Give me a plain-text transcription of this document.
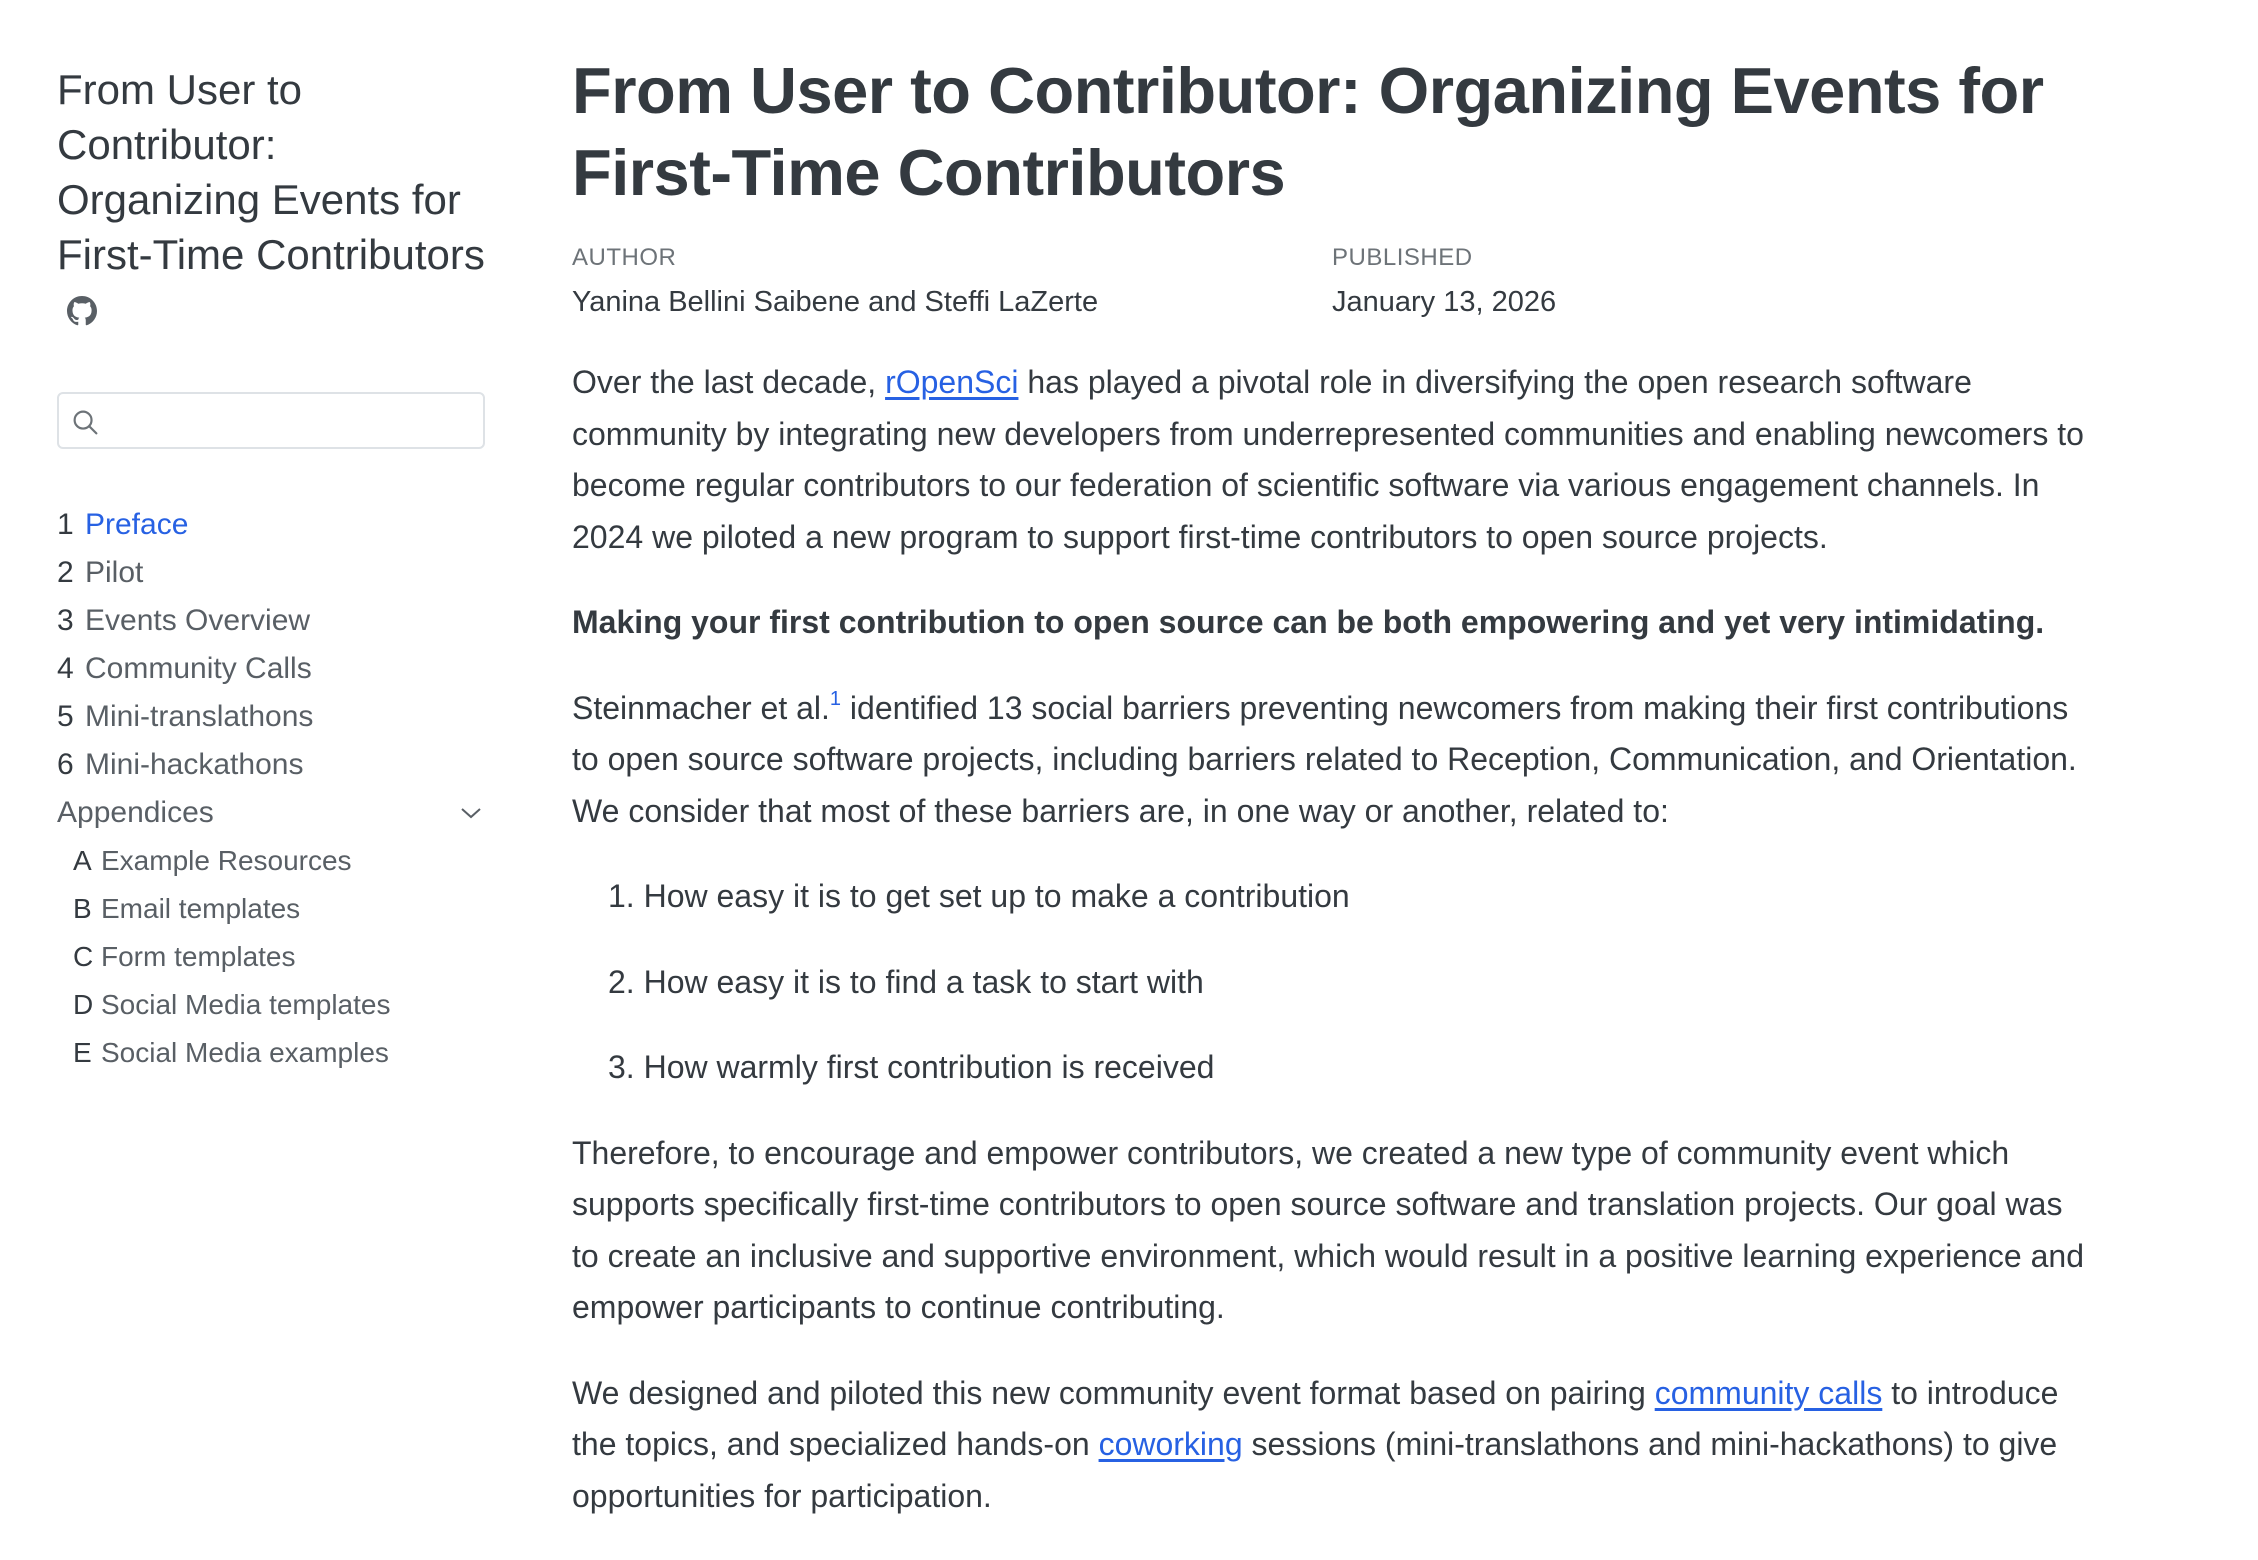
From User to Contributor: Organizing Events for First-Time Contributors
1 Preface
2 Pilot
3 Events Overview
4 Community Calls
5 Mini-translathons
6 Mini-hackathons
Appendices
A Example Resources
B Email templates
C Form templates
D Social Media templates
E Social Media examples
From User to Contributor: Organizing Events for First-Time Contributors
AUTHOR
Yanina Bellini Saibene and Steffi LaZerte
PUBLISHED
January 13, 2026

Over the last decade, rOpenSci has played a pivotal role in diversifying the open research software community by integrating new developers from underrepresented communities and enabling newcomers to become regular contributors to our federation of scientific software via various engagement channels. In 2024 we piloted a new program to support first-time contributors to open source projects.

Making your first contribution to open source can be both empowering and yet very intimidating.

Steinmacher et al.$^1$ identified 13 social barriers preventing newcomers from making their first contributions to open source software projects, including barriers related to Reception, Communication, and Orientation. We consider that most of these barriers are, in one way or another, related to:

1. How easy it is to get set up to make a contribution
2. How easy it is to find a task to start with
3. How warmly first contribution is received

Therefore, to encourage and empower contributors, we created a new type of community event which supports specifically first-time contributors to open source software and translation projects. Our goal was to create an inclusive and supportive environment, which would result in a positive learning experience and empower participants to continue contributing.

We designed and piloted this new community event format based on pairing community calls to introduce the topics, and specialized hands-on coworking sessions (mini-translathons and mini-hackathons) to give opportunities for participation.
